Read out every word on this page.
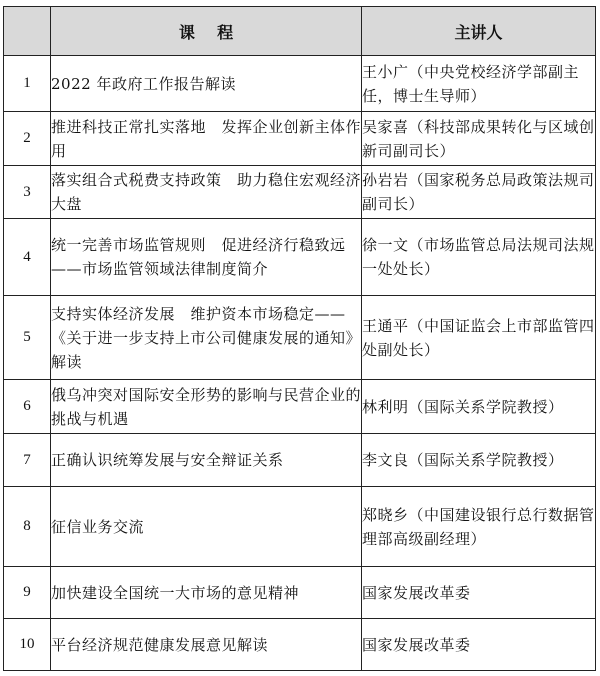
	课    程	主讲人
1	2022 年政府工作报告解读	王小广（中央党校经济学部副主任，博士生导师）

2	推进科技正常扎实落地　发挥企业创新主体作用	吴家喜（科技部成果转化与区域创新司副司长）

3	落实组合式税费支持政策　助力稳住宏观经济大盘	孙岩岩（国家税务总局政策法规司副司长）

4	统一完善市场监管规则　促进经济行稳致远——市场监管领域法律制度简介	徐一文（市场监管总局法规司法规一处处长）

5	支持实体经济发展　维护资本市场稳定——《关于进一步支持上市公司健康发展的通知》解读	王通平（中国证监会上市部监管四处副处长）

6	俄乌冲突对国际安全形势的影响与民营企业的挑战与机遇	林利明（国际关系学院教授）

7	正确认识统筹发展与安全辩证关系	李文良（国际关系学院教授）

8	征信业务交流	郑晓乡（中国建设银行总行数据管理部高级副经理）

9	加快建设全国统一大市场的意见精神	国家发展改革委

10	平台经济规范健康发展意见解读	国家发展改革委
